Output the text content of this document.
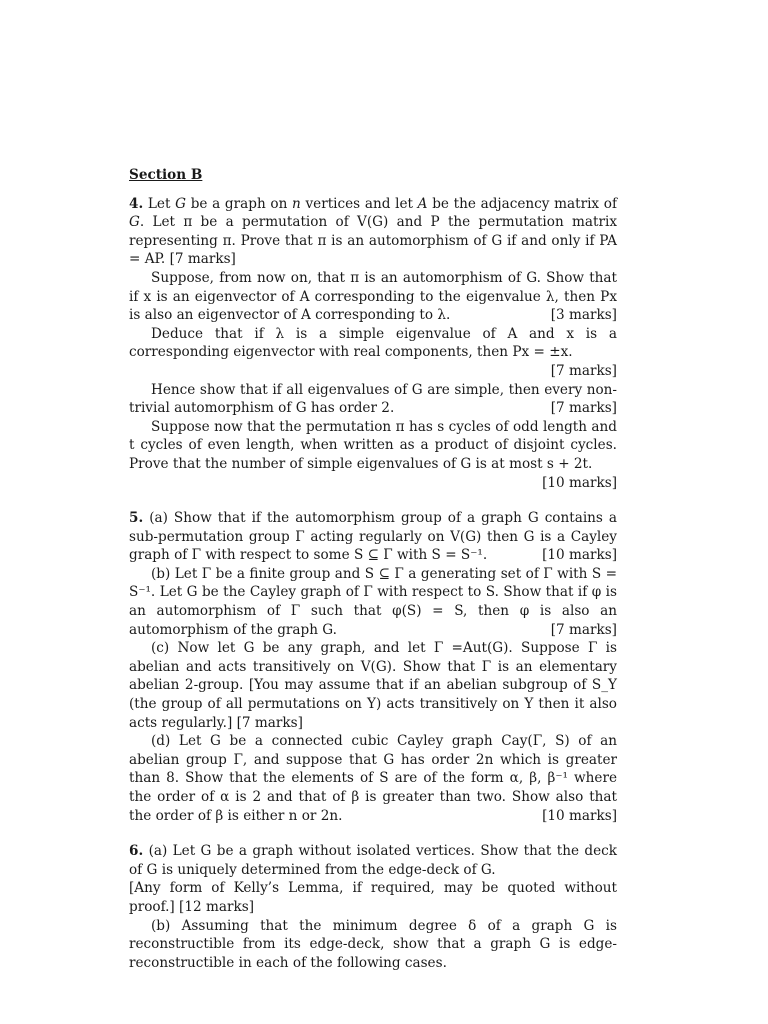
Section B

4. Let G be a graph on n vertices and let A be the adjacency matrix of G. Let π be a permutation of V(G) and P the permutation matrix representing π. Prove that π is an automorphism of G if and only if PA = AP. [7 marks]

Suppose, from now on, that π is an automorphism of G. Show that if x is an eigenvector of A corresponding to the eigenvalue λ, then Px is also an eigenvector of A corresponding to λ.	[3 marks]

Deduce that if λ is a simple eigenvalue of A and x is a corresponding eigenvector with real components, then Px = ±x.
[7 marks]

Hence show that if all eigenvalues of G are simple, then every non-trivial automorphism of G has order 2.	[7 marks]

Suppose now that the permutation π has s cycles of odd length and t cycles of even length, when written as a product of disjoint cycles. Prove that the number of simple eigenvalues of G is at most s + 2t.
[10 marks]

5. (a) Show that if the automorphism group of a graph G contains a sub-permutation group Γ acting regularly on V(G) then G is a Cayley graph of Γ with respect to some S ⊆ Γ with S = S⁻¹.	[10 marks]

(b) Let Γ be a finite group and S ⊆ Γ a generating set of Γ with S = S⁻¹. Let G be the Cayley graph of Γ with respect to S. Show that if φ is an automorphism of Γ such that φ(S) = S, then φ is also an automorphism of the graph G.	[7 marks]

(c) Now let G be any graph, and let Γ =Aut(G). Suppose Γ is abelian and acts transitively on V(G). Show that Γ is an elementary abelian 2-group. [You may assume that if an abelian subgroup of S_Y (the group of all permutations on Y) acts transitively on Y then it also acts regularly.] [7 marks]

(d) Let G be a connected cubic Cayley graph Cay(Γ, S) of an abelian group Γ, and suppose that G has order 2n which is greater than 8. Show that the elements of S are of the form α, β, β⁻¹ where the order of α is 2 and that of β is greater than two. Show also that the order of β is either n or 2n.	[10 marks]

6. (a) Let G be a graph without isolated vertices. Show that the deck of G is uniquely determined from the edge-deck of G.

[Any form of Kelly’s Lemma, if required, may be quoted without proof.] [12 marks]

(b) Assuming that the minimum degree δ of a graph G is reconstructible from its edge-deck, show that a graph G is edge-reconstructible in each of the following cases.
